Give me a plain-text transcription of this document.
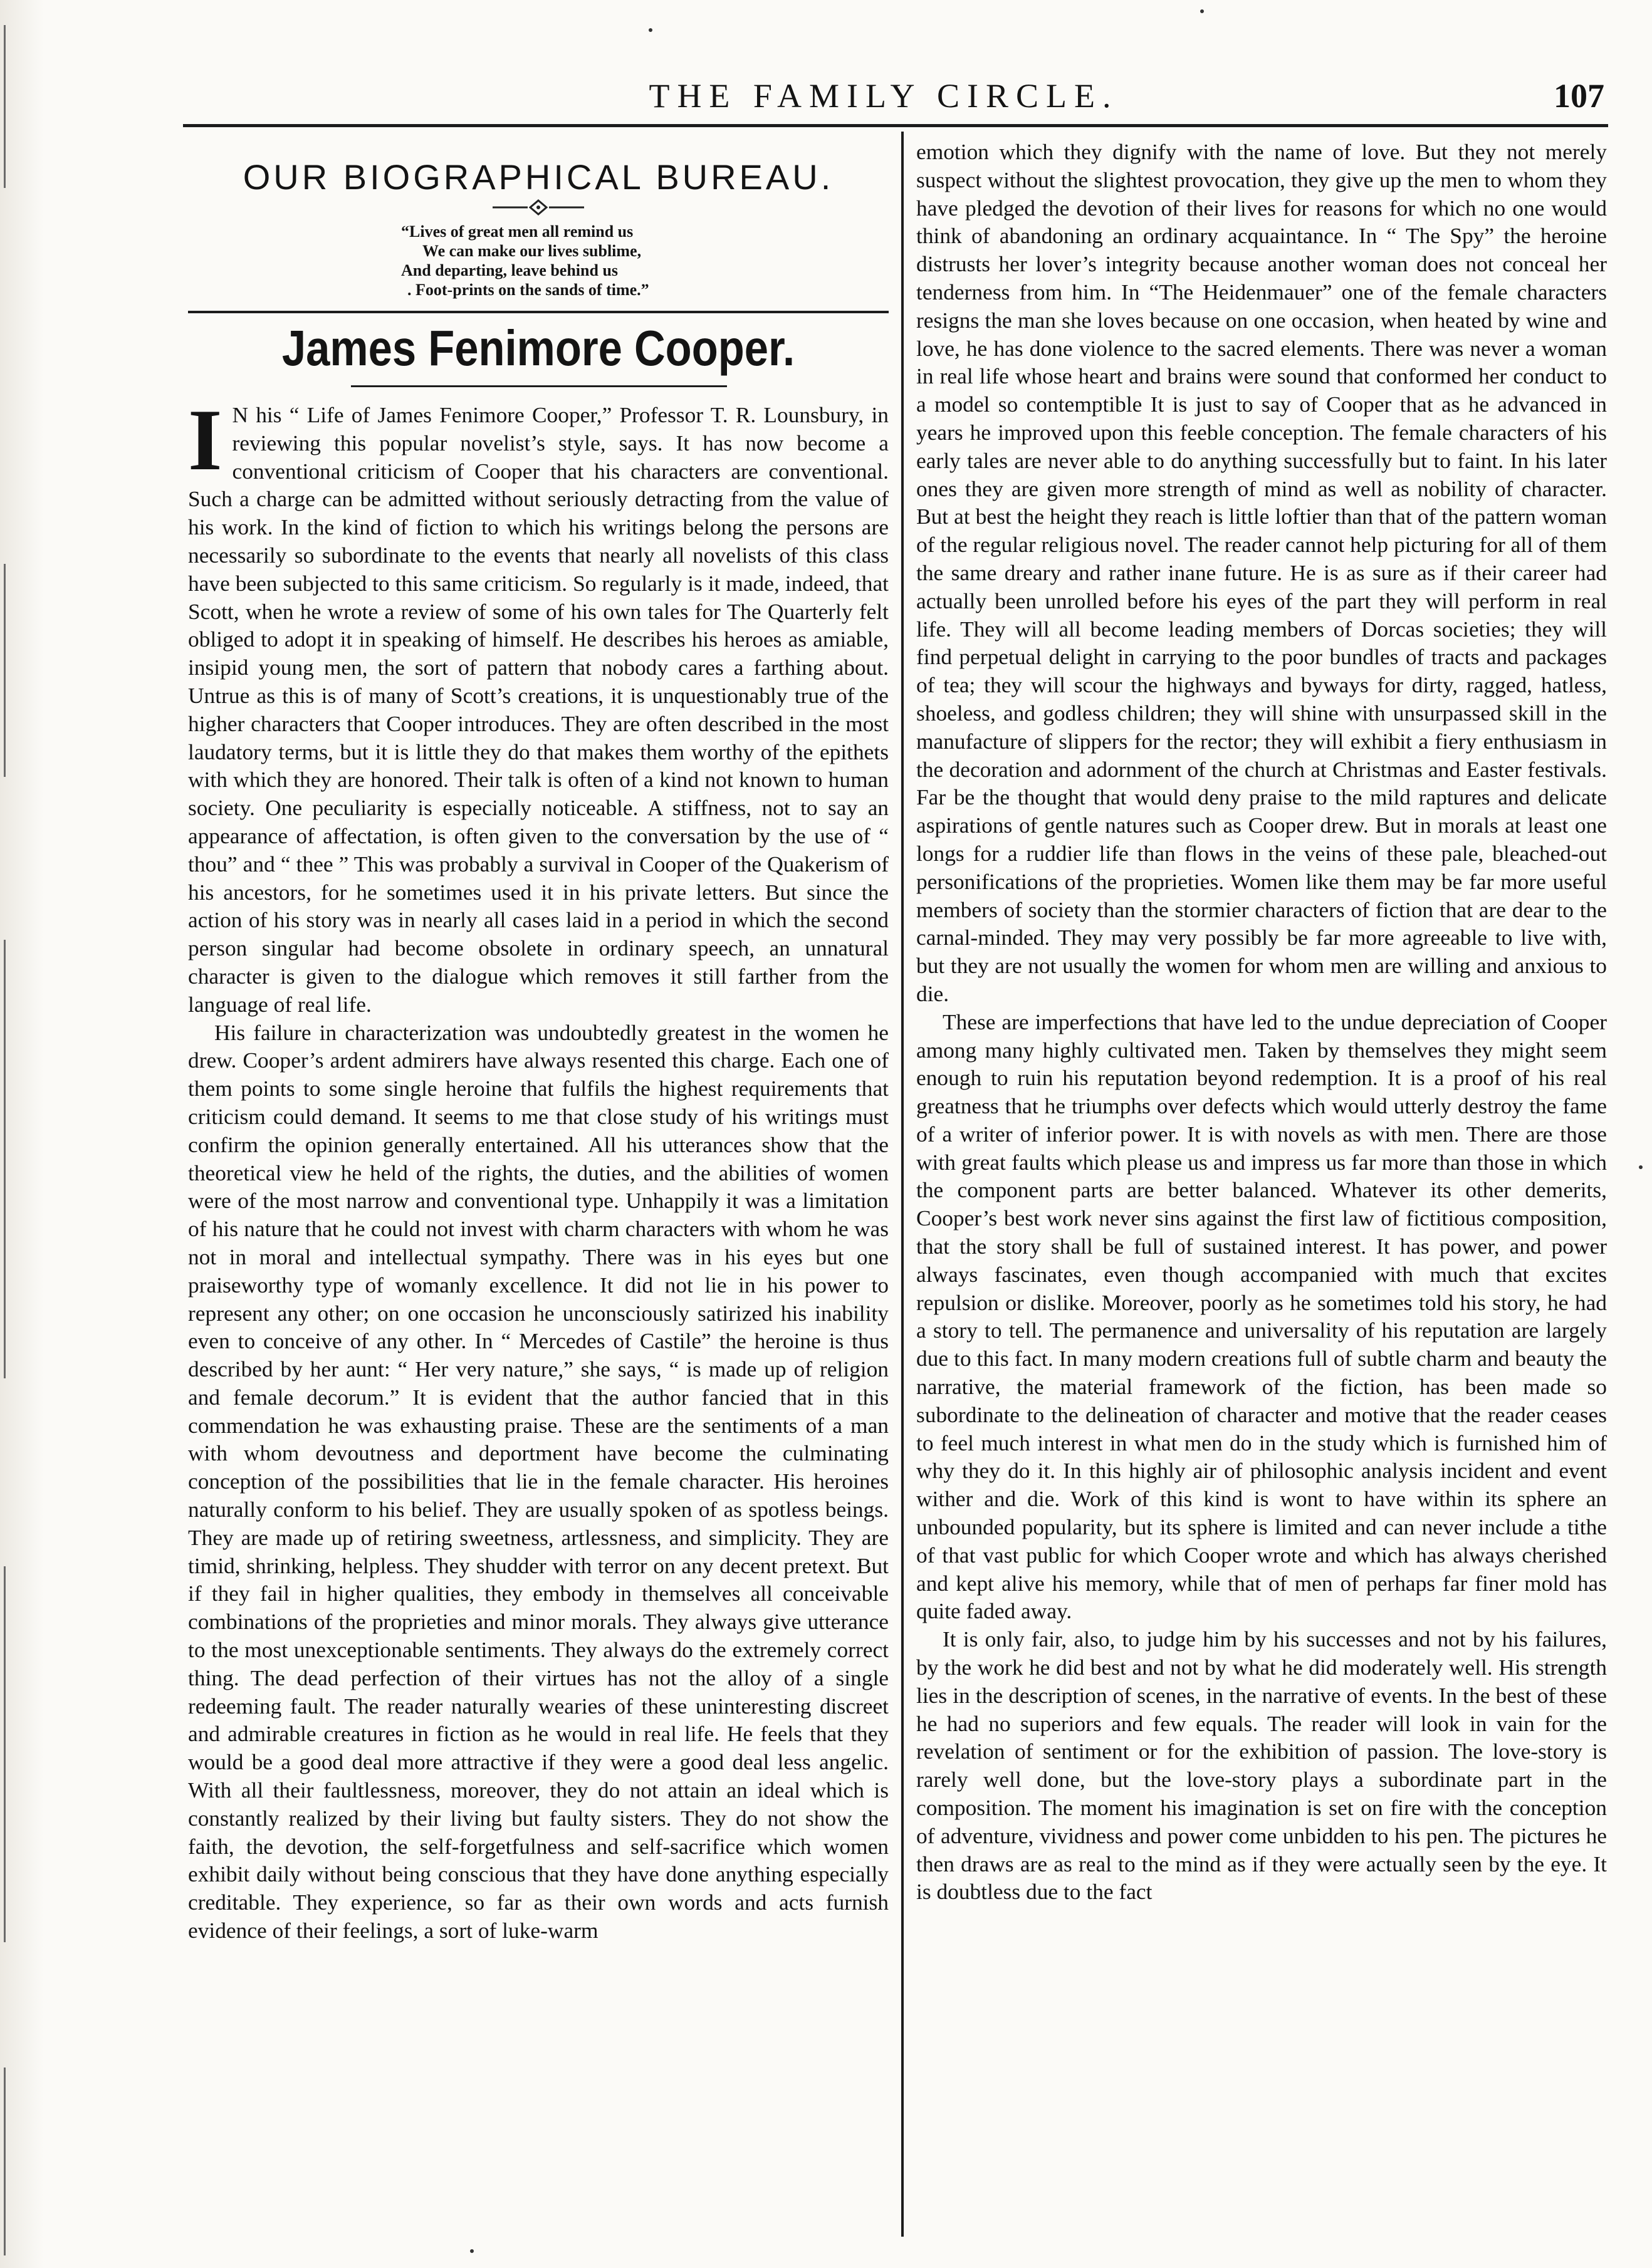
THE FAMILY CIRCLE.	107
OUR BIOGRAPHICAL BUREAU.
“Lives of great men all remind us
We can make our lives sublime,
And departing, leave behind us
. Foot-prints on the sands of time.”
James Fenimore Cooper.

I N his “ Life of James Fenimore Cooper,” Professor T. R. Lounsbury, in reviewing this popular novelist’s style, says. It has now become a conventional criticism of Cooper that his characters are conventional. Such a charge can be admitted without seriously detracting from the value of his work. In the kind of fiction to which his writings belong the persons are necessarily so subordinate to the events that nearly all novelists of this class have been subjected to this same criticism. So regularly is it made, indeed, that Scott, when he wrote a review of some of his own tales for The Quarterly felt obliged to adopt it in speaking of himself. He describes his heroes as amiable, insipid young men, the sort of pattern that nobody cares a farthing about. Untrue as this is of many of Scott’s creations, it is unquestionably true of the higher characters that Cooper introduces. They are often described in the most laudatory terms, but it is little they do that makes them worthy of the epithets with which they are honored. Their talk is often of a kind not known to human society. One peculiarity is especially noticeable. A stiffness, not to say an appearance of affectation, is often given to the conversation by the use of “ thou” and “ thee ” This was probably a survival in Cooper of the Quakerism of his ancestors, for he sometimes used it in his private letters. But since the action of his story was in nearly all cases laid in a period in which the second person singular had become obsolete in ordinary speech, an unnatural character is given to the dialogue which removes it still farther from the language of real life.

His failure in characterization was undoubtedly greatest in the women he drew. Cooper’s ardent admirers have always resented this charge. Each one of them points to some single heroine that fulfils the highest requirements that criticism could demand. It seems to me that close study of his writings must confirm the opinion generally entertained. All his utterances show that the theoretical view he held of the rights, the duties, and the abilities of women were of the most narrow and conventional type. Unhappily it was a limitation of his nature that he could not invest with charm characters with whom he was not in moral and intellectual sympathy. There was in his eyes but one praiseworthy type of womanly excellence. It did not lie in his power to represent any other; on one occasion he unconsciously satirized his inability even to conceive of any other. In “ Mercedes of Castile” the heroine is thus described by her aunt: “ Her very nature,” she says, “ is made up of religion and female decorum.” It is evident that the author fancied that in this commendation he was exhausting praise. These are the sentiments of a man with whom devoutness and deportment have become the culminating conception of the possibilities that lie in the female character. His heroines naturally conform to his belief. They are usually spoken of as spotless beings. They are made up of retiring sweetness, artlessness, and simplicity. They are timid, shrinking, helpless. They shudder with terror on any decent pretext. But if they fail in higher qualities, they embody in themselves all conceivable combinations of the proprieties and minor morals. They always give utterance to the most unexceptionable sentiments. They always do the extremely correct thing. The dead perfection of their virtues has not the alloy of a single redeeming fault. The reader naturally wearies of these uninteresting discreet and admirable creatures in fiction as he would in real life. He feels that they would be a good deal more attractive if they were a good deal less angelic. With all their faultlessness, moreover, they do not attain an ideal which is constantly realized by their living but faulty sisters. They do not show the faith, the devotion, the self-forgetfulness and self-sacrifice which women exhibit daily without being conscious that they have done anything especially creditable. They experience, so far as their own words and acts furnish evidence of their feelings, a sort of luke-warm

emotion which they dignify with the name of love. But they not merely suspect without the slightest provocation, they give up the men to whom they have pledged the devotion of their lives for reasons for which no one would think of abandoning an ordinary acquaintance. In “ The Spy” the heroine distrusts her lover’s integrity because another woman does not conceal her tenderness from him. In “The Heidenmauer” one of the female characters resigns the man she loves because on one occasion, when heated by wine and love, he has done violence to the sacred elements. There was never a woman in real life whose heart and brains were sound that conformed her conduct to a model so contemptible It is just to say of Cooper that as he advanced in years he improved upon this feeble conception. The female characters of his early tales are never able to do anything successfully but to faint. In his later ones they are given more strength of mind as well as nobility of character. But at best the height they reach is little loftier than that of the pattern woman of the regular religious novel. The reader cannot help picturing for all of them the same dreary and rather inane future. He is as sure as if their career had actually been unrolled before his eyes of the part they will perform in real life. They will all become leading members of Dorcas societies; they will find perpetual delight in carrying to the poor bundles of tracts and packages of tea; they will scour the highways and byways for dirty, ragged, hatless, shoeless, and godless children; they will shine with unsurpassed skill in the manufacture of slippers for the rector; they will exhibit a fiery enthusiasm in the decoration and adornment of the church at Christmas and Easter festivals. Far be the thought that would deny praise to the mild raptures and delicate aspirations of gentle natures such as Cooper drew. But in morals at least one longs for a ruddier life than flows in the veins of these pale, bleached-out personifications of the proprieties. Women like them may be far more useful members of society than the stormier characters of fiction that are dear to the carnal-minded. They may very possibly be far more agreeable to live with, but they are not usually the women for whom men are willing and anxious to die.

These are imperfections that have led to the undue depreciation of Cooper among many highly cultivated men. Taken by themselves they might seem enough to ruin his reputation beyond redemption. It is a proof of his real greatness that he triumphs over defects which would utterly destroy the fame of a writer of inferior power. It is with novels as with men. There are those with great faults which please us and impress us far more than those in which the component parts are better balanced. Whatever its other demerits, Cooper’s best work never sins against the first law of fictitious composition, that the story shall be full of sustained interest. It has power, and power always fascinates, even though accompanied with much that excites repulsion or dislike. Moreover, poorly as he sometimes told his story, he had a story to tell. The permanence and universality of his reputation are largely due to this fact. In many modern creations full of subtle charm and beauty the narrative, the material framework of the fiction, has been made so subordinate to the delineation of character and motive that the reader ceases to feel much interest in what men do in the study which is furnished him of why they do it. In this highly air of philosophic analysis incident and event wither and die. Work of this kind is wont to have within its sphere an unbounded popularity, but its sphere is limited and can never include a tithe of that vast public for which Cooper wrote and which has always cherished and kept alive his memory, while that of men of perhaps far finer mold has quite faded away.

It is only fair, also, to judge him by his successes and not by his failures, by the work he did best and not by what he did moderately well. His strength lies in the description of scenes, in the narrative of events. In the best of these he had no superiors and few equals. The reader will look in vain for the revelation of sentiment or for the exhibition of passion. The love-story is rarely well done, but the love-story plays a subordinate part in the composition. The moment his imagination is set on fire with the conception of adventure, vividness and power come unbidden to his pen. The pictures he then draws are as real to the mind as if they were actually seen by the eye. It is doubtless due to the fact
